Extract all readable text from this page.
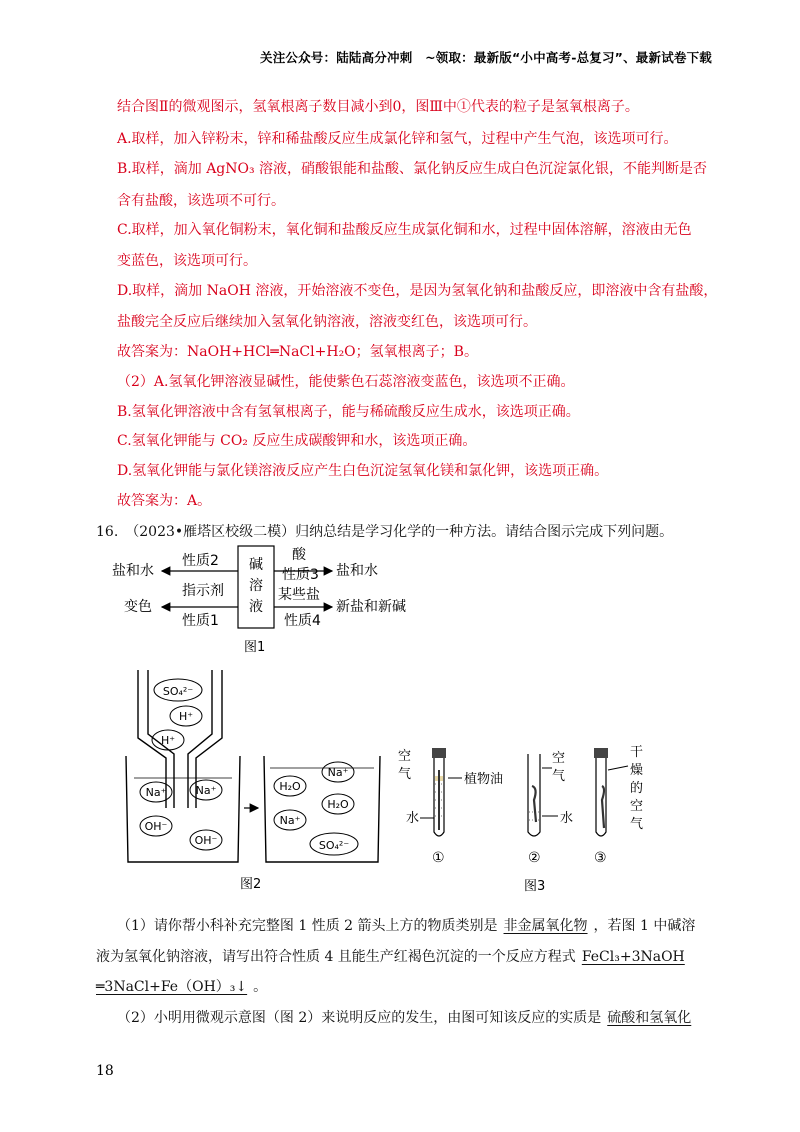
关注公众号：陆陆高分冲刺　~领取：最新版“小中高考-总复习”、最新试卷下载
结合图Ⅱ的微观图示，氢氧根离子数目减小到0，图Ⅲ中①代表的粒子是氢氧根离子。
A.取样，加入锌粉末，锌和稀盐酸反应生成氯化锌和氢气，过程中产生气泡，该选项可行。
B.取样，滴加 AgNO₃ 溶液，硝酸银能和盐酸、氯化钠反应生成白色沉淀氯化银，不能判断是否
含有盐酸，该选项不可行。
C.取样，加入氧化铜粉末，氧化铜和盐酸反应生成氯化铜和水，过程中固体溶解，溶液由无色
变蓝色，该选项可行。
D.取样，滴加 NaOH 溶液，开始溶液不变色，是因为氢氧化钠和盐酸反应，即溶液中含有盐酸，
盐酸完全反应后继续加入氢氧化钠溶液，溶液变红色，该选项可行。
故答案为：NaOH+HCl═NaCl+H₂O；氢氧根离子；B。
（2）A.氢氧化钾溶液显碱性，能使紫色石蕊溶液变蓝色，该选项不正确。
B.氢氧化钾溶液中含有氢氧根离子，能与稀硫酸反应生成水，该选项正确。
C.氢氧化钾能与 CO₂ 反应生成碳酸钾和水，该选项正确。
D.氢氧化钾能与氯化镁溶液反应产生白色沉淀氢氧化镁和氯化钾，该选项正确。
故答案为：A。
16.　（2023•雁塔区校级二模）归纳总结是学习化学的一种方法。请结合图示完成下列问题。
碱
溶
液
盐和水
性质2
指示剂
变色
性质1
酸
性质3 盐和水
某些盐
性质4
新盐和新碱
图1
SO₄²⁻
H⁺
H⁺
Na⁺	Na⁺
OH⁻
OH⁻
H₂O
Na⁺
H₂O
Na⁺
SO₄²⁻
图2
空
气	植物油
水
空
气
水
干
燥
的
空
气
①	②	③
图3
（1）请你帮小科补充完整图 1 性质 2 箭头上方的物质类别是 非金属氧化物 ，若图 1 中碱溶
液为氢氧化钠溶液，请写出符合性质 4 且能生产红褐色沉淀的一个反应方程式 FeCl₃+3NaOH
═3NaCl+Fe（OH）₃↓ 。
（2）小明用微观示意图（图 2）来说明反应的发生，由图可知该反应的实质是 硫酸和氢氧化
18
